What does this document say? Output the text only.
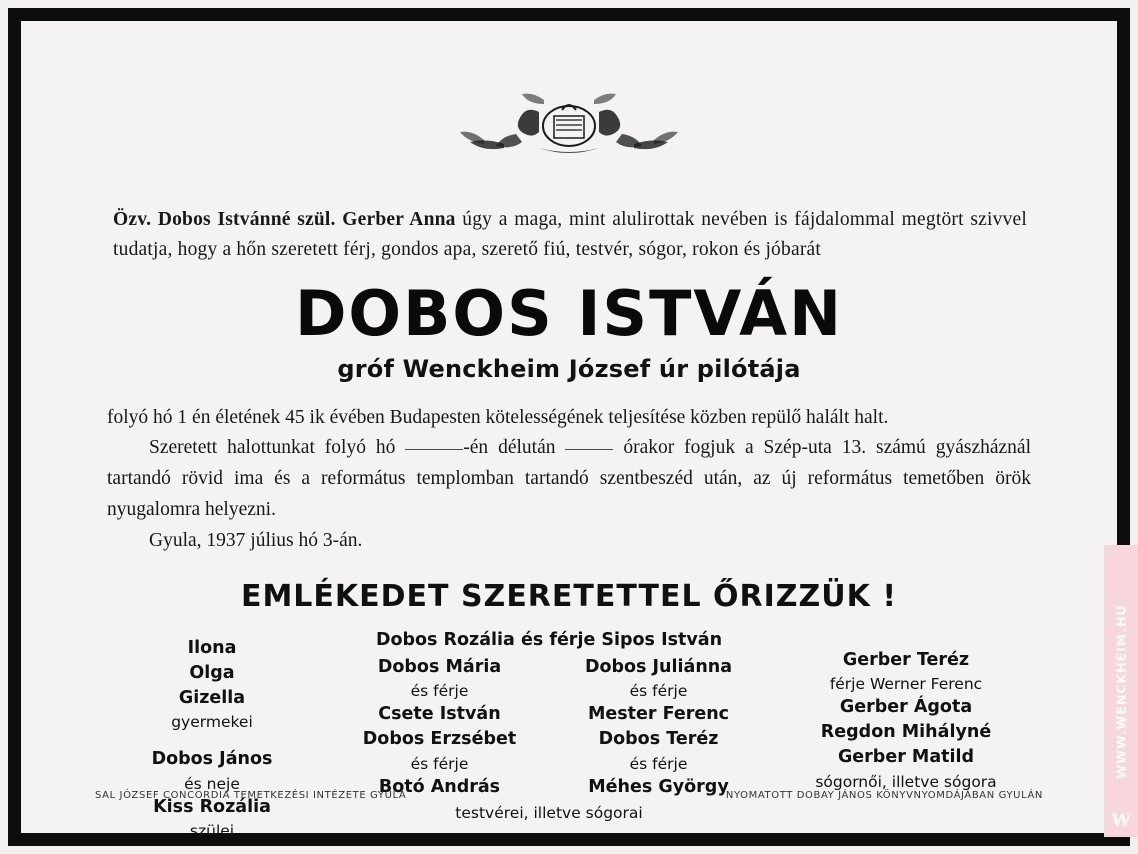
Özv. Dobos Istvánné szül. Gerber Anna úgy a maga, mint alulirottak nevében is fájdalommal megtört szivvel tudatja, hogy a hőn szeretett férj, gondos apa, szerető fiú, testvér, sógor, rokon és jóbarát
DOBOS ISTVÁN
gróf Wenckheim József úr pilótája

folyó hó 1 én életének 45 ik évében Budapesten kötelességének teljesítése közben repülő halált halt.

Szeretett halottunkat folyó hó	-én délután	órakor fogjuk a Szép-uta 13. számú gyászháznál tartandó rövid ima és a református templomban tartandó szentbeszéd után, az új református temetőben örök nyugalomra helyezni.

Gyula, 1937 július hó 3-án.

EMLÉKEDET SZERETETTEL ŐRIZZÜK !
Ilona
Olga
Gizella
gyermekei
Dobos János
és neje
Kiss Rozália
szülei
Dobos Rozália és férje Sipos István
Dobos Mária
és férje
Csete István
Dobos Erzsébet
és férje
Botó András
Dobos Juliánna
és férje
Mester Ferenc
Dobos Teréz
és férje
Méhes György
testvérei, illetve sógorai
Gerber Teréz
férje Werner Ferenc
Gerber Ágota
Regdon Mihályné
Gerber Matild
sógornői, illetve sógora
SAL JÓZSEF CONCORDIA TEMETKEZÉSI INTÉZETE GYULA	NYOMATOTT DOBAY JÁNOS KÖNYVNYOMDÁJÁBAN GYULÁN
WWW.WENCKHEIM.HU
W
